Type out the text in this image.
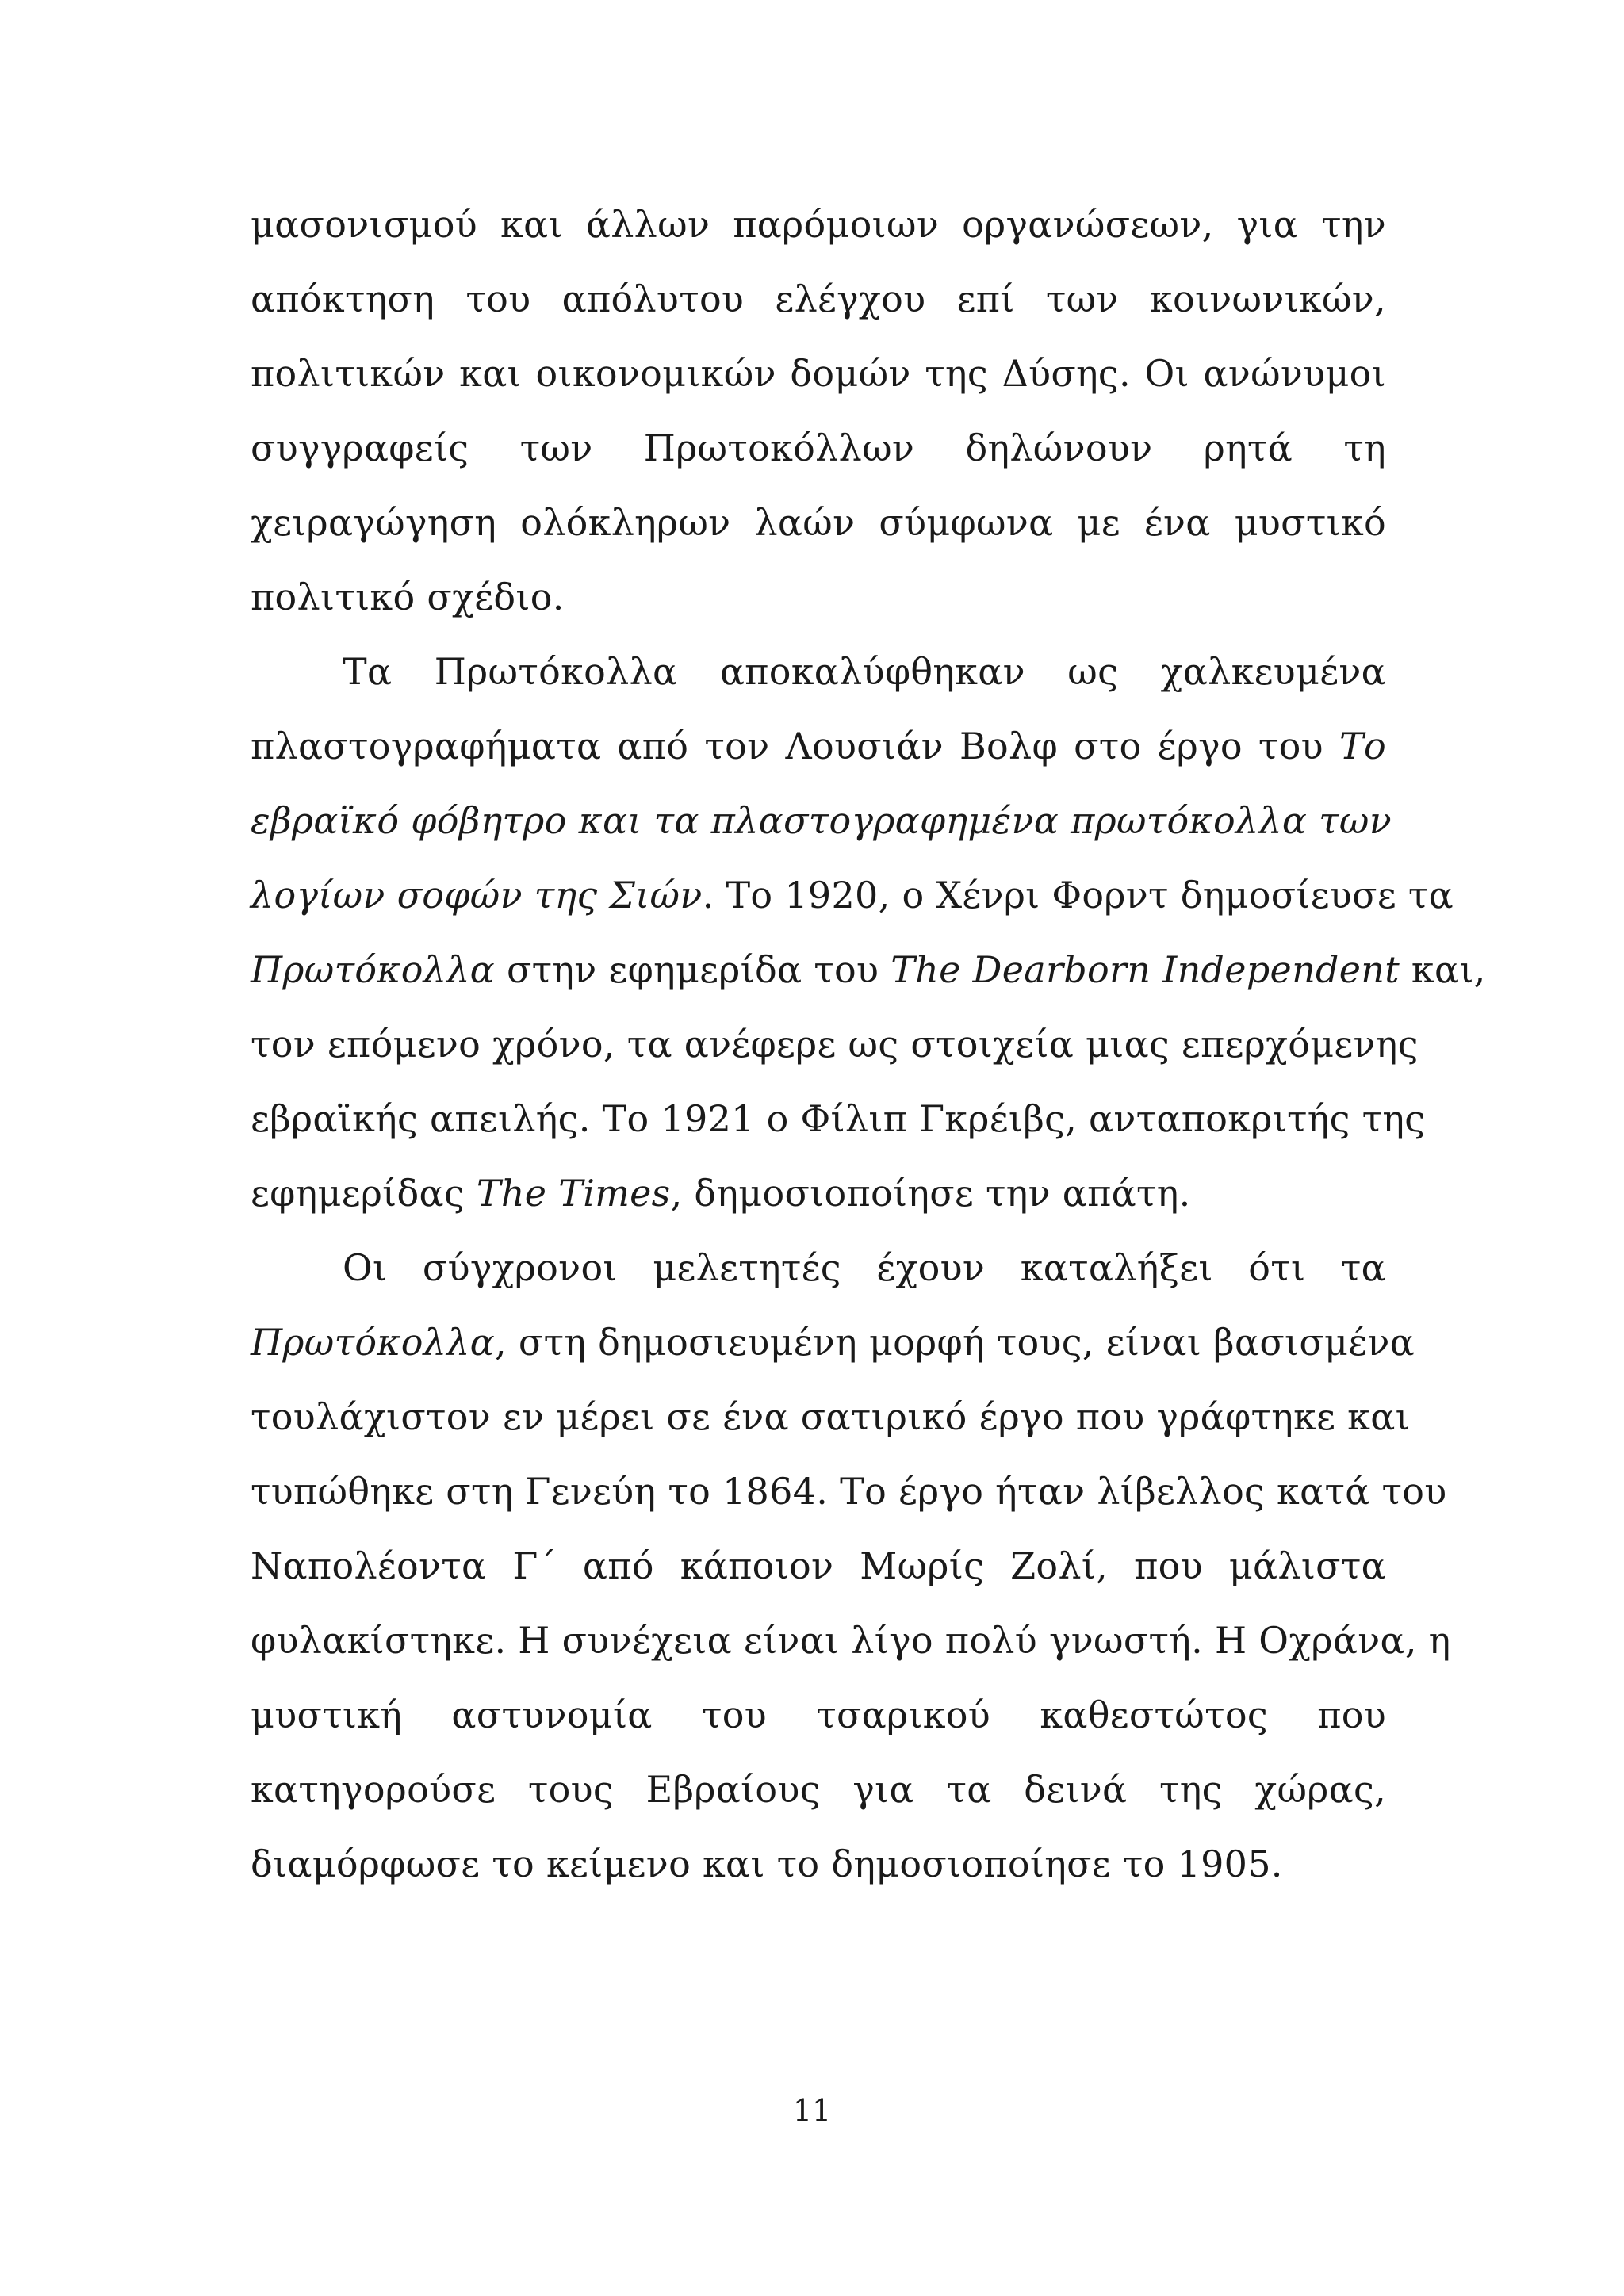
μασονισμού και άλλων παρόμοιων οργανώσεων, για την
απόκτηση του απόλυτου ελέγχου επί των κοινωνικών,
πολιτικών και οικονομικών δομών της Δύσης. Οι ανώνυμοι
συγγραφείς των Πρωτοκόλλων δηλώνουν ρητά τη
χειραγώγηση ολόκληρων λαών σύμφωνα με ένα μυστικό
πολιτικό σχέδιο.
Τα Πρωτόκολλα αποκαλύφθηκαν ως χαλκευμένα
πλαστογραφήματα από τον Λουσιάν Βολφ στο έργο του Το
εβραϊκό φόβητρο και τα πλαστογραφημένα πρωτόκολλα των
λογίων σοφών της Σιών. Το 1920, ο Χένρι Φορντ δημοσίευσε τα
Πρωτόκολλα στην εφημερίδα του The Dearborn Independent και,
τον επόμενο χρόνο, τα ανέφερε ως στοιχεία μιας επερχόμενης
εβραϊκής απειλής. Το 1921 ο Φίλιπ Γκρέιβς, ανταποκριτής της
εφημερίδας The Times, δημοσιοποίησε την απάτη.
Οι σύγχρονοι μελετητές έχουν καταλήξει ότι τα
Πρωτόκολλα, στη δημοσιευμένη μορφή τους, είναι βασισμένα
τουλάχιστον εν μέρει σε ένα σατιρικό έργο που γράφτηκε και
τυπώθηκε στη Γενεύη το 1864. Το έργο ήταν λίβελλος κατά του
Ναπολέοντα Γ΄ από κάποιον Μωρίς Ζολί, που μάλιστα
φυλακίστηκε. Η συνέχεια είναι λίγο πολύ γνωστή. Η Οχράνα, η
μυστική αστυνομία του τσαρικού καθεστώτος που
κατηγορούσε τους Εβραίους για τα δεινά της χώρας,
διαμόρφωσε το κείμενο και το δημοσιοποίησε το 1905.
11
